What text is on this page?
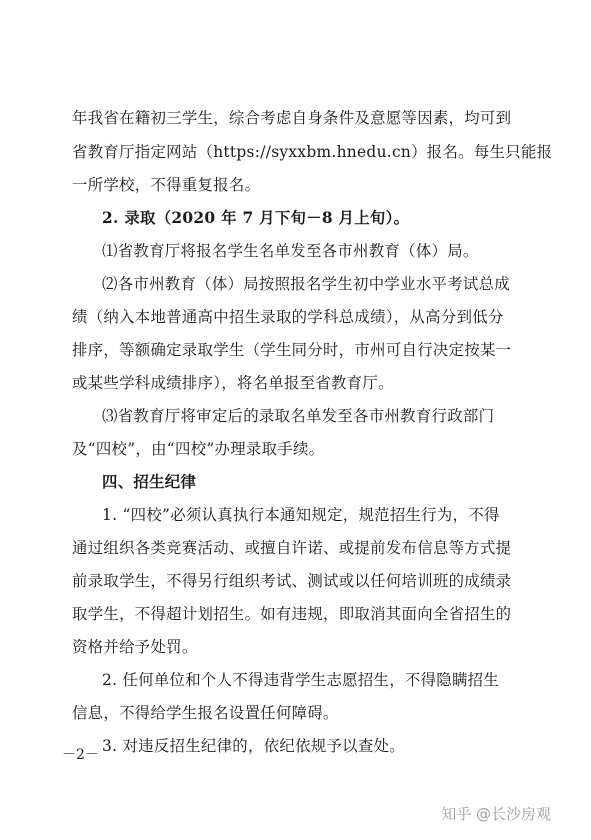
年我省在籍初三学生，综合考虑自身条件及意愿等因素，均可到
省教育厅指定网站（https://syxxbm.hnedu.cn）报名。每生只能报
一所学校，不得重复报名。
2. 录取（2020 年 7 月下旬－8 月上旬）。
⑴省教育厅将报名学生名单发至各市州教育（体）局。
⑵各市州教育（体）局按照报名学生初中学业水平考试总成
绩（纳入本地普通高中招生录取的学科总成绩），从高分到低分
排序，等额确定录取学生（学生同分时，市州可自行决定按某一
或某些学科成绩排序），将名单报至省教育厅。
⑶省教育厅将审定后的录取名单发至各市州教育行政部门
及“四校”，由“四校”办理录取手续。
四、招生纪律
1. “四校”必须认真执行本通知规定，规范招生行为，不得
通过组织各类竞赛活动、或擅自许诺、或提前发布信息等方式提
前录取学生，不得另行组织考试、测试或以任何培训班的成绩录
取学生，不得超计划招生。如有违规，即取消其面向全省招生的
资格并给予处罚。
2. 任何单位和个人不得违背学生志愿招生，不得隐瞒招生
信息，不得给学生报名设置任何障碍。
3. 对违反招生纪律的，依纪依规予以查处。
－2－
知乎 @长沙房观
